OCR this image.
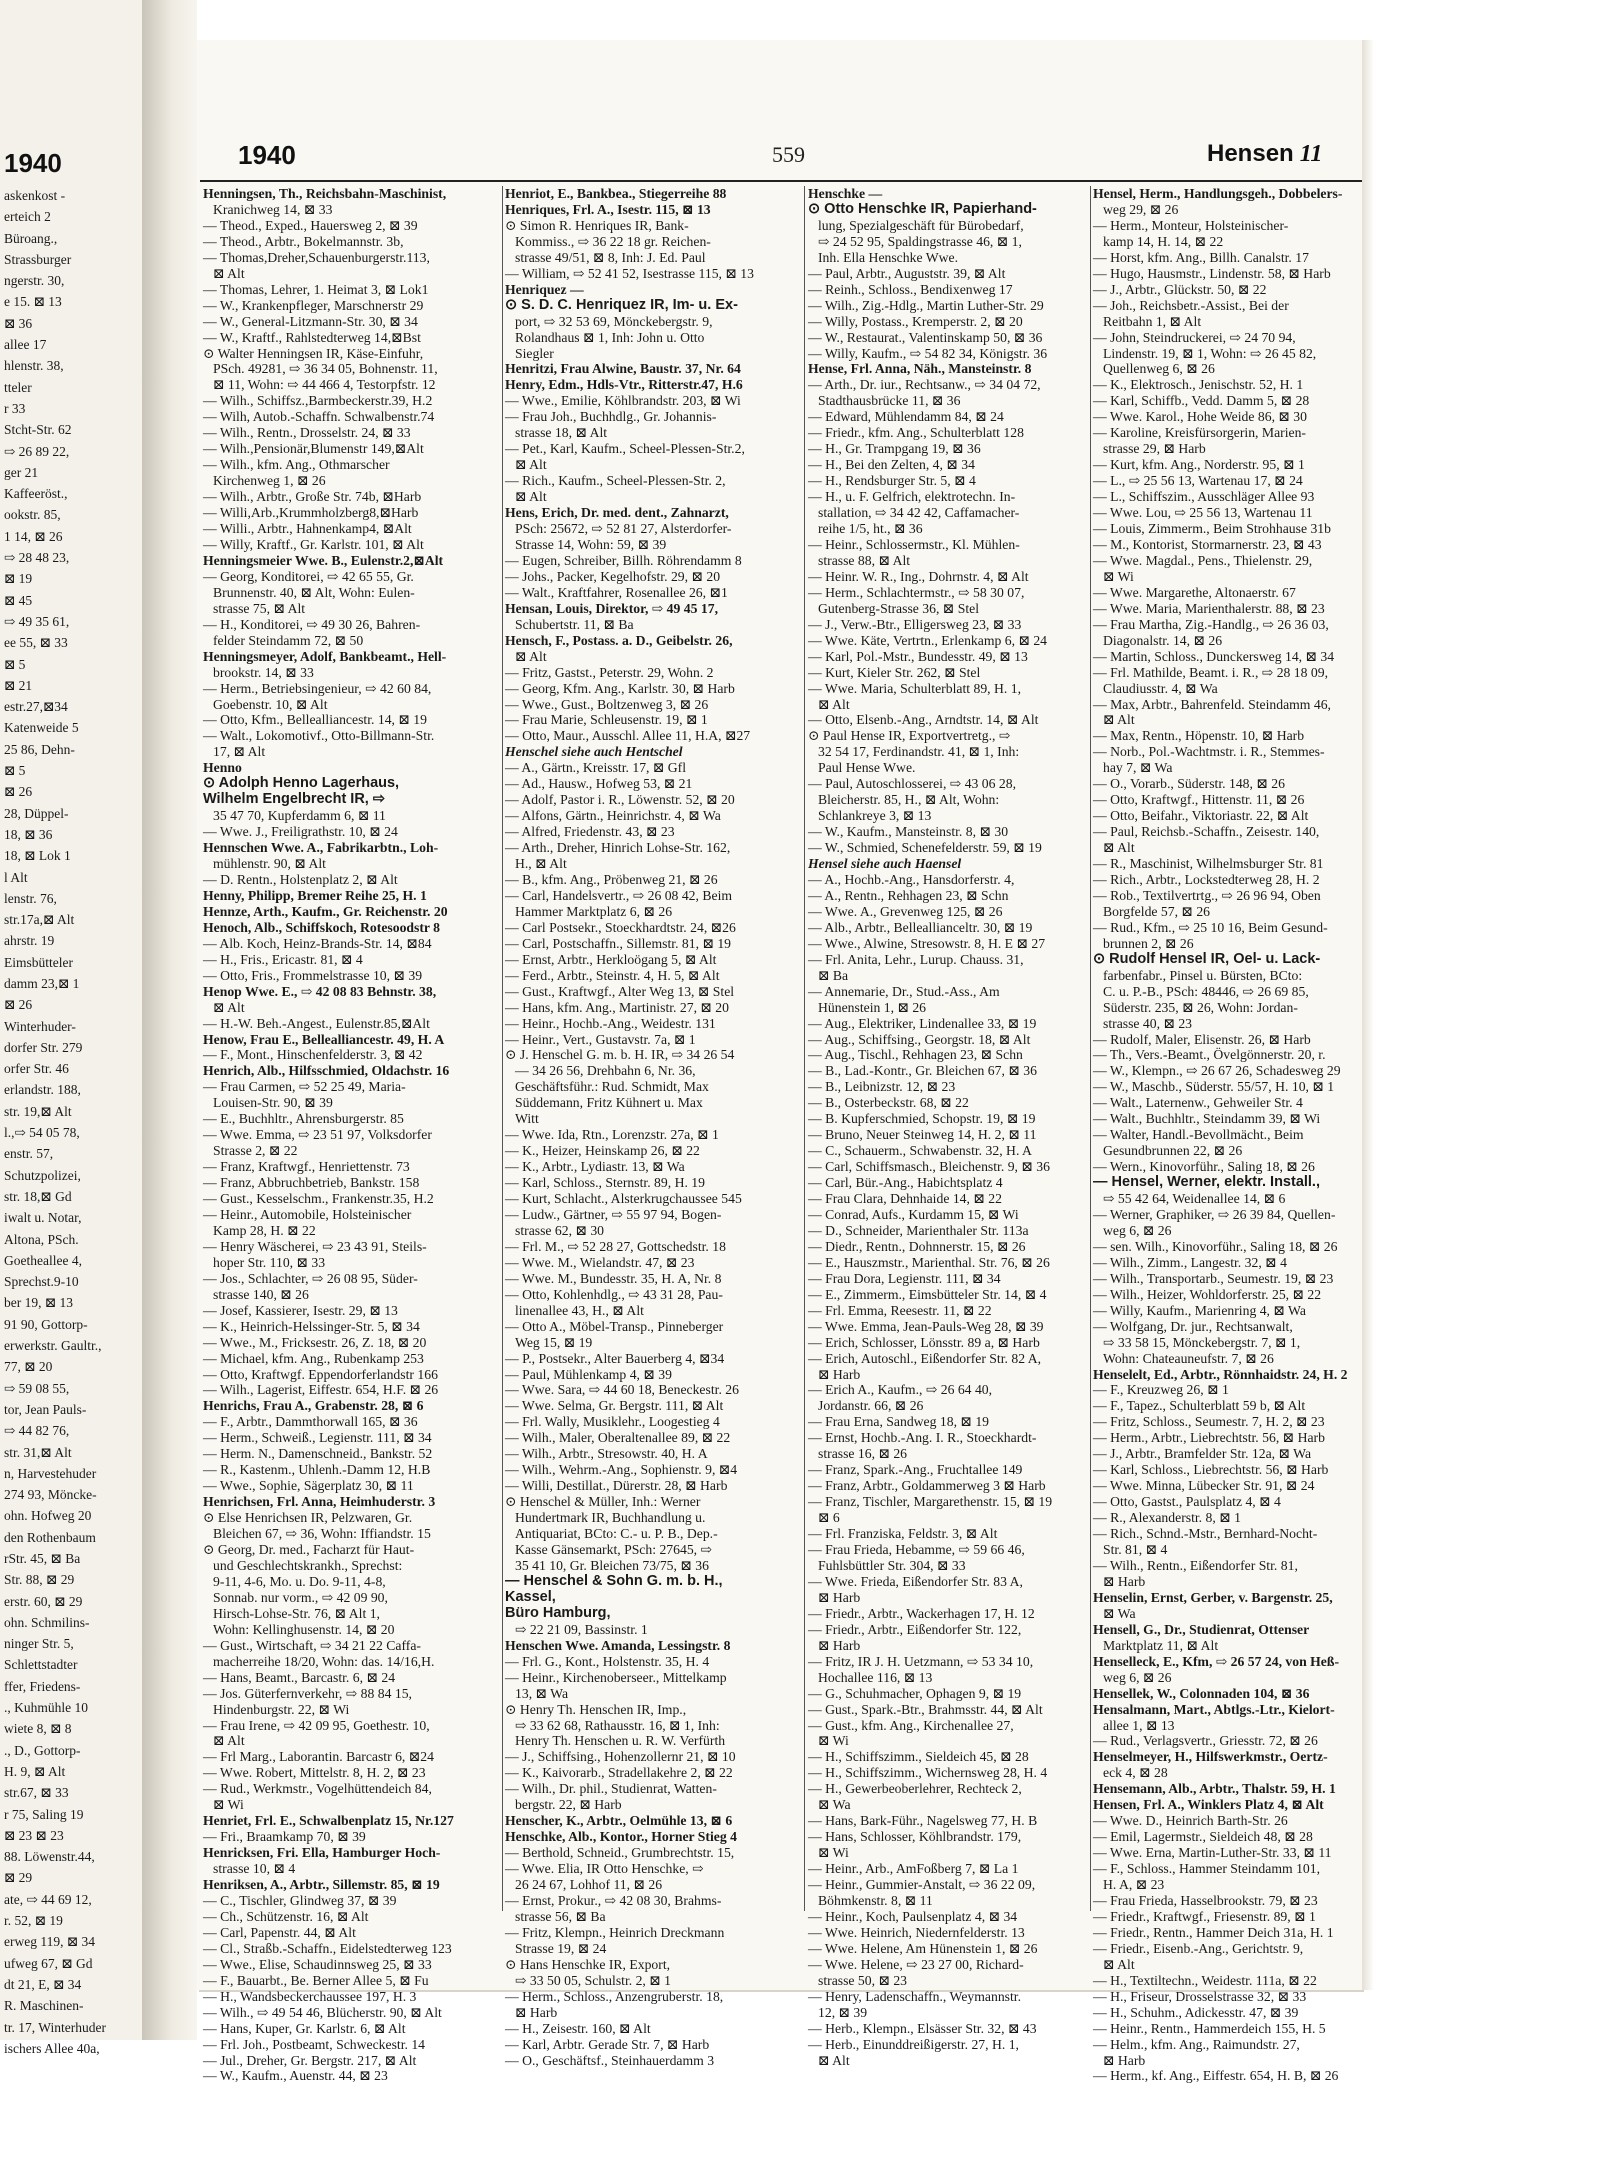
1940
askenkost -
erteich 2
Büroang.,
Strassburger
ngerstr. 30,
e 15. ⊠ 13
⊠ 36
allee 17
hlenstr. 38,
tteler
r 33
Stcht-Str. 62
⇨ 26 89 22,
ger 21
Kaffeeröst.,
ookstr. 85,
1 14, ⊠ 26
⇨ 28 48 23,
⊠ 19
⊠ 45
⇨ 49 35 61,
ee 55, ⊠ 33
⊠ 5
⊠ 21
estr.27,⊠34
Katenweide 5
25 86, Dehn-
⊠ 5
⊠ 26
28, Düppel-
18, ⊠ 36
18, ⊠ Lok 1
l Alt
lenstr. 76,
str.17a,⊠ Alt
ahrstr. 19
Eimsbütteler
damm 23,⊠ 1
⊠ 26
Winterhuder-
dorfer Str. 279
orfer Str. 46
erlandstr. 188,
str. 19,⊠ Alt
l.,⇨ 54 05 78,
enstr. 57,
Schutzpolizei,
str. 18,⊠ Gd
iwalt u. Notar,
Altona, PSch.
Goetheallee 4,
Sprechst.9-10
ber 19, ⊠ 13
91 90, Gottorp-
erwerkstr. Gaultr.,
77, ⊠ 20
⇨ 59 08 55,
tor, Jean Pauls-
⇨ 44 82 76,
str. 31,⊠ Alt
n, Harvestehuder
274 93, Möncke-
ohn. Hofweg 20
den Rothenbaum
rStr. 45, ⊠ Ba
Str. 88, ⊠ 29
erstr. 60, ⊠ 29
ohn. Schmilins-
ninger Str. 5,
Schlettstadter
ffer, Friedens-
., Kuhmühle 10
wiete 8, ⊠ 8
., D., Gottorp-
H. 9, ⊠ Alt
str.67, ⊠ 33
r 75, Saling 19
⊠ 23 ⊠ 23
88. Löwenstr.44,
⊠ 29
ate, ⇨ 44 69 12,
r. 52, ⊠ 19
erweg 119, ⊠ 34
ufweg 67, ⊠ Gd
dt 21, E, ⊠ 34
R. Maschinen-
tr. 17, Winterhuder
ischers Allee 40a,
1940	559	Hensen 11
Henningsen, Th., Reichsbahn-Maschinist,
Kranichweg 14, ⊠ 33
— Theod., Exped., Hauersweg 2, ⊠ 39
— Theod., Arbtr., Bokelmannstr. 3b,
— Thomas,Dreher,Schauenburgerstr.113,
⊠ Alt
— Thomas, Lehrer, 1. Heimat 3, ⊠ Lok1
— W., Krankenpfleger, Marschnerstr 29
— W., General-Litzmann-Str. 30, ⊠ 34
— W., Kraftf., Rahlstedterweg 14,⊠Bst
⊙ Walter Henningsen IR, Käse-Einfuhr,
PSch. 49281, ⇨ 36 34 05, Bohnenstr. 11,
⊠ 11, Wohn: ⇨ 44 466 4, Testorpfstr. 12
— Wilh., Schiffsz.,Barmbeckerstr.39, H.2
— Wilh, Autob.-Schaffn. Schwalbenstr.74
— Wilh., Rentn., Drosselstr. 24, ⊠ 33
— Wilh.,Pensionär,Blumenstr 149,⊠Alt
— Wilh., kfm. Ang., Othmarscher
Kirchenweg 1, ⊠ 26
— Wilh., Arbtr., Große Str. 74b, ⊠Harb
— Willi,Arb.,Krummholzberg8,⊠Harb
— Willi., Arbtr., Hahnenkamp4, ⊠Alt
— Willy, Kraftf., Gr. Karlstr. 101, ⊠ Alt
Henningsmeier Wwe. B., Eulenstr.2,⊠Alt
— Georg, Konditorei, ⇨ 42 65 55, Gr.
Brunnenstr. 40, ⊠ Alt, Wohn: Eulen-
strasse 75, ⊠ Alt
— H., Konditorei, ⇨ 49 30 26, Bahren-
felder Steindamm 72, ⊠ 50
Henningsmeyer, Adolf, Bankbeamt., Hell-
brookstr. 14, ⊠ 33
— Herm., Betriebsingenieur, ⇨ 42 60 84,
Goebenstr. 10, ⊠ Alt
— Otto, Kfm., Bellealliancestr. 14, ⊠ 19
— Walt., Lokomotivf., Otto-Billmann-Str.
17, ⊠ Alt
Henno
⊙ Adolph Henno Lagerhaus,
Wilhelm Engelbrecht IR, ⇨
35 47 70, Kupferdamm 6, ⊠ 11
— Wwe. J., Freiligrathstr. 10, ⊠ 24
Hennschen Wwe. A., Fabrikarbtn., Loh-
mühlenstr. 90, ⊠ Alt
— D. Rentn., Holstenplatz 2, ⊠ Alt
Henny, Philipp, Bremer Reihe 25, H. 1
Hennze, Arth., Kaufm., Gr. Reichenstr. 20
Henoch, Alb., Schiffskoch, Rotesoodstr 8
— Alb. Koch, Heinz-Brands-Str. 14, ⊠84
— H., Fris., Ericastr. 81, ⊠ 4
— Otto, Fris., Frommelstrasse 10, ⊠ 39
Henop Wwe. E., ⇨ 42 08 83 Behnstr. 38,
⊠ Alt
— H.-W. Beh.-Angest., Eulenstr.85,⊠Alt
Henow, Frau E., Bellealliancestr. 49, H. A
— F., Mont., Hinschenfelderstr. 3, ⊠ 42
Henrich, Alb., Hilfsschmied, Oldachstr. 16
— Frau Carmen, ⇨ 52 25 49, Maria-
Louisen-Str. 90, ⊠ 39
— E., Buchhltr., Ahrensburgerstr. 85
— Wwe. Emma, ⇨ 23 51 97, Volksdorfer
Strasse 2, ⊠ 22
— Franz, Kraftwgf., Henriettenstr. 73
— Franz, Abbruchbetrieb, Bankstr. 158
— Gust., Kesselschm., Frankenstr.35, H.2
— Heinr., Automobile, Holsteinischer
Kamp 28, H. ⊠ 22
— Henry Wäscherei, ⇨ 23 43 91, Steils-
hoper Str. 110, ⊠ 33
— Jos., Schlachter, ⇨ 26 08 95, Süder-
strasse 140, ⊠ 26
— Josef, Kassierer, Isestr. 29, ⊠ 13
— K., Heinrich-Helssinger-Str. 5, ⊠ 34
— Wwe., M., Fricksestr. 26, Z. 18, ⊠ 20
— Michael, kfm. Ang., Rubenkamp 253
— Otto, Kraftwgf. Eppendorferlandstr 166
— Wilh., Lagerist, Eiffestr. 654, H.F. ⊠ 26
Henrichs, Frau A., Grabenstr. 28, ⊠ 6
— F., Arbtr., Dammthorwall 165, ⊠ 36
— Herm., Schweiß., Legienstr. 111, ⊠ 34
— Herm. N., Damenschneid., Bankstr. 52
— R., Kastenm., Uhlenh.-Damm 12, H.B
— Wwe., Sophie, Sägerplatz 30, ⊠ 11
Henrichsen, Frl. Anna, Heimhuderstr. 3
⊙ Else Henrichsen IR, Pelzwaren, Gr.
Bleichen 67, ⇨ 36, Wohn: Iffiandstr. 15
⊙ Georg, Dr. med., Facharzt für Haut-
und Geschlechtskrankh., Sprechst:
9-11, 4-6, Mo. u. Do. 9-11, 4-8,
Sonnab. nur vorm., ⇨ 42 09 90,
Hirsch-Lohse-Str. 76, ⊠ Alt 1,
Wohn: Kellinghusenstr. 14, ⊠ 20
— Gust., Wirtschaft, ⇨ 34 21 22 Caffa-
macherreihe 18/20, Wohn: das. 14/16,H.
— Hans, Beamt., Barcastr. 6, ⊠ 24
— Jos. Güterfernverkehr, ⇨ 88 84 15,
Hindenburgstr. 22, ⊠ Wi
— Frau Irene, ⇨ 42 09 95, Goethestr. 10,
⊠ Alt
— Frl Marg., Laborantin. Barcastr 6, ⊠24
— Wwe. Robert, Mittelstr. 8, H. 2, ⊠ 23
— Rud., Werkmstr., Vogelhüttendeich 84,
⊠ Wi
Henriet, Frl. E., Schwalbenplatz 15, Nr.127
— Fri., Braamkamp 70, ⊠ 39
Henricksen, Fri. Ella, Hamburger Hoch-
strasse 10, ⊠ 4
Henriksen, A., Arbtr., Sillemstr. 85, ⊠ 19
— C., Tischler, Glindweg 37, ⊠ 39
— Ch., Schützenstr. 16, ⊠ Alt
— Carl, Papenstr. 44, ⊠ Alt
— Cl., Straßb.-Schaffn., Eidelstedterweg 123
— Wwe., Elise, Schaudinnsweg 25, ⊠ 33
— F., Bauarbt., Be. Berner Allee 5, ⊠ Fu
— H., Wandsbeckerchaussee 197, H. 3
— Wilh., ⇨ 49 54 46, Blücherstr. 90, ⊠ Alt
— Hans, Kuper, Gr. Karlstr. 6, ⊠ Alt
— Frl. Joh., Postbeamt, Schweckestr. 14
— Jul., Dreher, Gr. Bergstr. 217, ⊠ Alt
— W., Kaufm., Auenstr. 44, ⊠ 23
Henriot, E., Bankbea., Stiegerreihe 88
Henriques, Frl. A., Isestr. 115, ⊠ 13
⊙ Simon R. Henriques IR, Bank-
Kommiss., ⇨ 36 22 18 gr. Reichen-
strasse 49/51, ⊠ 8, Inh: J. Ed. Paul
— William, ⇨ 52 41 52, Isestrasse 115, ⊠ 13
Henriquez —
⊙ S. D. C. Henriquez IR, Im- u. Ex-
port, ⇨ 32 53 69, Mönckebergstr. 9,
Rolandhaus ⊠ 1, Inh: John u. Otto
Siegler
Henritzi, Frau Alwine, Baustr. 37, Nr. 64
Henry, Edm., Hdls-Vtr., Ritterstr.47, H.6
— Wwe., Emilie, Köhlbrandstr. 203, ⊠ Wi
— Frau Joh., Buchhdlg., Gr. Johannis-
strasse 18, ⊠ Alt
— Pet., Karl, Kaufm., Scheel-Plessen-Str.2,
⊠ Alt
— Rich., Kaufm., Scheel-Plessen-Str. 2,
⊠ Alt
Hens, Erich, Dr. med. dent., Zahnarzt,
PSch: 25672, ⇨ 52 81 27, Alsterdorfer-
Strasse 14, Wohn: 59, ⊠ 39
— Eugen, Schreiber, Billh. Röhrendamm 8
— Johs., Packer, Kegelhofstr. 29, ⊠ 20
— Walt., Kraftfahrer, Rosenallee 26, ⊠1
Hensan, Louis, Direktor, ⇨ 49 45 17,
Schubertstr. 11, ⊠ Ba
Hensch, F., Postass. a. D., Geibelstr. 26,
⊠ Alt
— Fritz, Gastst., Peterstr. 29, Wohn. 2
— Georg, Kfm. Ang., Karlstr. 30, ⊠ Harb
— Wwe., Gust., Boltzenweg 3, ⊠ 26
— Frau Marie, Schleusenstr. 19, ⊠ 1
— Otto, Maur., Ausschl. Allee 11, H.A, ⊠27
Henschel siehe auch Hentschel
— A., Gärtn., Kreisstr. 17, ⊠ Gfl
— Ad., Hausw., Hofweg 53, ⊠ 21
— Adolf, Pastor i. R., Löwenstr. 52, ⊠ 20
— Alfons, Gärtn., Heinrichstr. 4, ⊠ Wa
— Alfred, Friedenstr. 43, ⊠ 23
— Arth., Dreher, Hinrich Lohse-Str. 162,
H., ⊠ Alt
— B., kfm. Ang., Pröbenweg 21, ⊠ 26
— Carl, Handelsvertr., ⇨ 26 08 42, Beim
Hammer Marktplatz 6, ⊠ 26
— Carl Postsekr., Stoeckhardtstr. 24, ⊠26
— Carl, Postschaffn., Sillemstr. 81, ⊠ 19
— Ernst, Arbtr., Herkloögang 5, ⊠ Alt
— Ferd., Arbtr., Steinstr. 4, H. 5, ⊠ Alt
— Gust., Kraftwgf., Alter Weg 13, ⊠ Stel
— Hans, kfm. Ang., Martinistr. 27, ⊠ 20
— Heinr., Hochb.-Ang., Weidestr. 131
— Heinr., Vert., Gustavstr. 7a, ⊠ 1
⊙ J. Henschel G. m. b. H. IR, ⇨ 34 26 54
— 34 26 56, Drehbahn 6, Nr. 36,
Geschäftsführ.: Rud. Schmidt, Max
Süddemann, Fritz Kühnert u. Max
Witt
— Wwe. Ida, Rtn., Lorenzstr. 27a, ⊠ 1
— K., Heizer, Heinskamp 26, ⊠ 22
— K., Arbtr., Lydiastr. 13, ⊠ Wa
— Karl, Schloss., Sternstr. 89, H. 19
— Kurt, Schlacht., Alsterkrugchaussee 545
— Ludw., Gärtner, ⇨ 55 97 94, Bogen-
strasse 62, ⊠ 30
— Frl. M., ⇨ 52 28 27, Gottschedstr. 18
— Wwe. M., Wielandstr. 47, ⊠ 23
— Wwe. M., Bundesstr. 35, H. A, Nr. 8
— Otto, Kohlenhdlg., ⇨ 43 31 28, Pau-
linenallee 43, H., ⊠ Alt
— Otto A., Möbel-Transp., Pinneberger
Weg 15, ⊠ 19
— P., Postsekr., Alter Bauerberg 4, ⊠34
— Paul, Mühlenkamp 4, ⊠ 39
— Wwe. Sara, ⇨ 44 60 18, Beneckestr. 26
— Wwe. Selma, Gr. Bergstr. 111, ⊠ Alt
— Frl. Wally, Musiklehr., Loogestieg 4
— Wilh., Maler, Oberaltenallee 89, ⊠ 22
— Wilh., Arbtr., Stresowstr. 40, H. A
— Wilh., Wehrm.-Ang., Sophienstr. 9, ⊠4
— Willi, Destillat., Dürerstr. 28, ⊠ Harb
⊙ Henschel & Müller, Inh.: Werner
Hundertmark IR, Buchhandlung u.
Antiquariat, BCto: C.- u. P. B., Dep.-
Kasse Gänsemarkt, PSch: 27645, ⇨
35 41 10, Gr. Bleichen 73/75, ⊠ 36
— Henschel & Sohn G. m. b. H.,
Kassel,
Büro Hamburg,
⇨ 22 21 09, Bassinstr. 1
Henschen Wwe. Amanda, Lessingstr. 8
— Frl. G., Kont., Holstenstr. 35, H. 4
— Heinr., Kirchenoberseer., Mittelkamp
13, ⊠ Wa
⊙ Henry Th. Henschen IR, Imp.,
⇨ 33 62 68, Rathausstr. 16, ⊠ 1, Inh:
Henry Th. Henschen u. R. W. Verfürth
— J., Schiffsing., Hohenzollernr 21, ⊠ 10
— K., Kaivorarb., Stradellakehre 2, ⊠ 22
— Wilh., Dr. phil., Studienrat, Watten-
bergstr. 22, ⊠ Harb
Henscher, K., Arbtr., Oelmühle 13, ⊠ 6
Henschke, Alb., Kontor., Horner Stieg 4
— Berthold, Schneid., Grumbrechtstr. 15,
— Wwe. Elia, IR Otto Henschke, ⇨
26 24 67, Lohhof 11, ⊠ 26
— Ernst, Prokur., ⇨ 42 08 30, Brahms-
strasse 56, ⊠ Ba
— Fritz, Klempn., Heinrich Dreckmann
Strasse 19, ⊠ 24
⊙ Hans Henschke IR, Export,
⇨ 33 50 05, Schulstr. 2, ⊠ 1
— Herm., Schloss., Anzengruberstr. 18,
⊠ Harb
— H., Zeisestr. 160, ⊠ Alt
— Karl, Arbtr. Gerade Str. 7, ⊠ Harb
— O., Geschäftsf., Steinhauerdamm 3
Henschke —
⊙ Otto Henschke IR, Papierhand-
lung, Spezialgeschäft für Bürobedarf,
⇨ 24 52 95, Spaldingstrasse 46, ⊠ 1,
Inh. Ella Henschke Wwe.
— Paul, Arbtr., Auguststr. 39, ⊠ Alt
— Reinh., Schloss., Bendixenweg 17
— Wilh., Zig.-Hdlg., Martin Luther-Str. 29
— Willy, Postass., Kremperstr. 2, ⊠ 20
— W., Restaurat., Valentinskamp 50, ⊠ 36
— Willy, Kaufm., ⇨ 54 82 34, Königstr. 36
Hense, Frl. Anna, Näh., Mansteinstr. 8
— Arth., Dr. iur., Rechtsanw., ⇨ 34 04 72,
Stadthausbrücke 11, ⊠ 36
— Edward, Mühlendamm 84, ⊠ 24
— Friedr., kfm. Ang., Schulterblatt 128
— H., Gr. Trampgang 19, ⊠ 36
— H., Bei den Zelten, 4, ⊠ 34
— H., Rendsburger Str. 5, ⊠ 4
— H., u. F. Gelfrich, elektrotechn. In-
stallation, ⇨ 34 42 42, Caffamacher-
reihe 1/5, ht., ⊠ 36
— Heinr., Schlossermstr., Kl. Mühlen-
strasse 88, ⊠ Alt
— Heinr. W. R., Ing., Dohrnstr. 4, ⊠ Alt
— Herm., Schlachtermstr., ⇨ 58 30 07,
Gutenberg-Strasse 36, ⊠ Stel
— J., Verw.-Btr., Elligersweg 23, ⊠ 33
— Wwe. Käte, Vertrtn., Erlenkamp 6, ⊠ 24
— Karl, Pol.-Mstr., Bundesstr. 49, ⊠ 13
— Kurt, Kieler Str. 262, ⊠ Stel
— Wwe. Maria, Schulterblatt 89, H. 1,
⊠ Alt
— Otto, Elsenb.-Ang., Arndtstr. 14, ⊠ Alt
⊙ Paul Hense IR, Exportvertretg., ⇨
32 54 17, Ferdinandstr. 41, ⊠ 1, Inh:
Paul Hense Wwe.
— Paul, Autoschlosserei, ⇨ 43 06 28,
Bleicherstr. 85, H., ⊠ Alt, Wohn:
Schlankreye 3, ⊠ 13
— W., Kaufm., Mansteinstr. 8, ⊠ 30
— W., Schmied, Schenefelderstr. 59, ⊠ 19
Hensel siehe auch Haensel
— A., Hochb.-Ang., Hansdorferstr. 4,
— A., Rentn., Rehhagen 23, ⊠ Schn
— Wwe. A., Grevenweg 125, ⊠ 26
— Alb., Arbtr., Belleallianceltr. 30, ⊠ 19
— Wwe., Alwine, Stresowstr. 8, H. E ⊠ 27
— Frl. Anita, Lehr., Lurup. Chauss. 31,
⊠ Ba
— Annemarie, Dr., Stud.-Ass., Am
Hünenstein 1, ⊠ 26
— Aug., Elektriker, Lindenallee 33, ⊠ 19
— Aug., Schiffsing., Georgstr. 18, ⊠ Alt
— Aug., Tischl., Rehhagen 23, ⊠ Schn
— B., Lad.-Kontr., Gr. Bleichen 67, ⊠ 36
— B., Leibnizstr. 12, ⊠ 23
— B., Osterbeckstr. 68, ⊠ 22
— B. Kupferschmied, Schopstr. 19, ⊠ 19
— Bruno, Neuer Steinweg 14, H. 2, ⊠ 11
— C., Schauerm., Schwabenstr. 32, H. A
— Carl, Schiffsmasch., Bleichenstr. 9, ⊠ 36
— Carl, Bür.-Ang., Habichtsplatz 4
— Frau Clara, Dehnhaide 14, ⊠ 22
— Conrad, Aufs., Kurdamm 15, ⊠ Wi
— D., Schneider, Marienthaler Str. 113a
— Diedr., Rentn., Dohnnerstr. 15, ⊠ 26
— E., Hauszmstr., Marienthal. Str. 76, ⊠ 26
— Frau Dora, Legienstr. 111, ⊠ 34
— E., Zimmerm., Eimsbütteler Str. 14, ⊠ 4
— Frl. Emma, Reesestr. 11, ⊠ 22
— Wwe. Emma, Jean-Pauls-Weg 28, ⊠ 39
— Erich, Schlosser, Lönsstr. 89 a, ⊠ Harb
— Erich, Autoschl., Eißendorfer Str. 82 A,
⊠ Harb
— Erich A., Kaufm., ⇨ 26 64 40,
Jordanstr. 66, ⊠ 26
— Frau Erna, Sandweg 18, ⊠ 19
— Ernst, Hochb.-Ang. I. R., Stoeckhardt-
strasse 16, ⊠ 26
— Franz, Spark.-Ang., Fruchtallee 149
— Franz, Arbtr., Goldammerweg 3 ⊠ Harb
— Franz, Tischler, Margarethenstr. 15, ⊠ 19
⊠ 6
— Frl. Franziska, Feldstr. 3, ⊠ Alt
— Frau Frieda, Hebamme, ⇨ 59 66 46,
Fuhlsbüttler Str. 304, ⊠ 33
— Wwe. Frieda, Eißendorfer Str. 83 A,
⊠ Harb
— Friedr., Arbtr., Wackerhagen 17, H. 12
— Friedr., Arbtr., Eißendorfer Str. 122,
⊠ Harb
— Fritz, IR J. H. Uetzmann, ⇨ 53 34 10,
Hochallee 116, ⊠ 13
— G., Schuhmacher, Ophagen 9, ⊠ 19
— Gust., Spark.-Btr., Brahmsstr. 44, ⊠ Alt
— Gust., kfm. Ang., Kirchenallee 27,
⊠ Wi
— H., Schiffszimm., Sieldeich 45, ⊠ 28
— H., Schiffszimm., Wichernsweg 28, H. 4
— H., Gewerbeoberlehrer, Rechteck 2,
⊠ Wa
— Hans, Bark-Führ., Nagelsweg 77, H. B
— Hans, Schlosser, Köhlbrandstr. 179,
⊠ Wi
— Heinr., Arb., AmFoßberg 7, ⊠ La 1
— Heinr., Gummier-Anstalt, ⇨ 36 22 09,
Böhmkenstr. 8, ⊠ 11
— Heinr., Koch, Paulsenplatz 4, ⊠ 34
— Wwe. Heinrich, Niedernfelderstr. 13
— Wwe. Helene, Am Hünenstein 1, ⊠ 26
— Wwe. Helene, ⇨ 23 27 00, Richard-
strasse 50, ⊠ 23
— Henry, Ladenschaffn., Weymannstr.
12, ⊠ 39
— Herb., Klempn., Elsässer Str. 32, ⊠ 43
— Herb., Einunddreißigerstr. 27, H. 1,
⊠ Alt
Hensel, Herm., Handlungsgeh., Dobbelers-
weg 29, ⊠ 26
— Herm., Monteur, Holsteinischer-
kamp 14, H. 14, ⊠ 22
— Horst, kfm. Ang., Billh. Canalstr. 17
— Hugo, Hausmstr., Lindenstr. 58, ⊠ Harb
— J., Arbtr., Glückstr. 50, ⊠ 22
— Joh., Reichsbetr.-Assist., Bei der
Reitbahn 1, ⊠ Alt
— John, Steindruckerei, ⇨ 24 70 94,
Lindenstr. 19, ⊠ 1, Wohn: ⇨ 26 45 82,
Quellenweg 6, ⊠ 26
— K., Elektrosch., Jenischstr. 52, H. 1
— Karl, Schiffb., Vedd. Damm 5, ⊠ 28
— Wwe. Karol., Hohe Weide 86, ⊠ 30
— Karoline, Kreisfürsorgerin, Marien-
strasse 29, ⊠ Harb
— Kurt, kfm. Ang., Norderstr. 95, ⊠ 1
— L., ⇨ 25 56 13, Wartenau 17, ⊠ 24
— L., Schiffszim., Ausschläger Allee 93
— Wwe. Lou, ⇨ 25 56 13, Wartenau 11
— Louis, Zimmerm., Beim Strohhause 31b
— M., Kontorist, Stormarnerstr. 23, ⊠ 43
— Wwe. Magdal., Pens., Thielenstr. 29,
⊠ Wi
— Wwe. Margarethe, Altonaerstr. 67
— Wwe. Maria, Marienthalerstr. 88, ⊠ 23
— Frau Martha, Zig.-Handlg., ⇨ 26 36 03,
Diagonalstr. 14, ⊠ 26
— Martin, Schloss., Dunckersweg 14, ⊠ 34
— Frl. Mathilde, Beamt. i. R., ⇨ 28 18 09,
Claudiusstr. 4, ⊠ Wa
— Max, Arbtr., Bahrenfeld. Steindamm 46,
⊠ Alt
— Max, Rentn., Höpenstr. 10, ⊠ Harb
— Norb., Pol.-Wachtmstr. i. R., Stemmes-
hay 7, ⊠ Wa
— O., Vorarb., Süderstr. 148, ⊠ 26
— Otto, Kraftwgf., Hittenstr. 11, ⊠ 26
— Otto, Beifahr., Viktoriastr. 22, ⊠ Alt
— Paul, Reichsb.-Schaffn., Zeisestr. 140,
⊠ Alt
— R., Maschinist, Wilhelmsburger Str. 81
— Rich., Arbtr., Lockstedterweg 28, H. 2
— Rob., Textilvertrtg., ⇨ 26 96 94, Oben
Borgfelde 57, ⊠ 26
— Rud., Kfm., ⇨ 25 10 16, Beim Gesund-
brunnen 2, ⊠ 26
⊙ Rudolf Hensel IR, Oel- u. Lack-
farbenfabr., Pinsel u. Bürsten, BCto:
C. u. P.-B., PSch: 48446, ⇨ 26 69 85,
Süderstr. 235, ⊠ 26, Wohn: Jordan-
strasse 40, ⊠ 23
— Rudolf, Maler, Elisenstr. 26, ⊠ Harb
— Th., Vers.-Beamt., Övelgönnerstr. 20, r.
— W., Klempn., ⇨ 26 67 26, Schadesweg 29
— W., Maschb., Süderstr. 55/57, H. 10, ⊠ 1
— Walt., Laternenw., Gehweiler Str. 4
— Walt., Buchhltr., Steindamm 39, ⊠ Wi
— Walter, Handl.-Bevollmächt., Beim
Gesundbrunnen 22, ⊠ 26
— Wern., Kinovorführ., Saling 18, ⊠ 26
— Hensel, Werner, elektr. Install.,
⇨ 55 42 64, Weidenallee 14, ⊠ 6
— Werner, Graphiker, ⇨ 26 39 84, Quellen-
weg 6, ⊠ 26
— sen. Wilh., Kinovorführ., Saling 18, ⊠ 26
— Wilh., Zimm., Langestr. 32, ⊠ 4
— Wilh., Transportarb., Seumestr. 19, ⊠ 23
— Wilh., Heizer, Wohldorferstr. 25, ⊠ 22
— Willy, Kaufm., Marienring 4, ⊠ Wa
— Wolfgang, Dr. jur., Rechtsanwalt,
⇨ 33 58 15, Mönckebergstr. 7, ⊠ 1,
Wohn: Chateauneufstr. 7, ⊠ 26
Henselelt, Ed., Arbtr., Rönnhaidstr. 24, H. 2
— F., Kreuzweg 26, ⊠ 1
— F., Tapez., Schulterblatt 59 b, ⊠ Alt
— Fritz, Schloss., Seumestr. 7, H. 2, ⊠ 23
— Herm., Arbtr., Liebrechtstr. 56, ⊠ Harb
— J., Arbtr., Bramfelder Str. 12a, ⊠ Wa
— Karl, Schloss., Liebrechtstr. 56, ⊠ Harb
— Wwe. Minna, Lübecker Str. 91, ⊠ 24
— Otto, Gastst., Paulsplatz 4, ⊠ 4
— R., Alexanderstr. 8, ⊠ 1
— Rich., Schnd.-Mstr., Bernhard-Nocht-
Str. 81, ⊠ 4
— Wilh., Rentn., Eißendorfer Str. 81,
⊠ Harb
Henselin, Ernst, Gerber, v. Bargenstr. 25,
⊠ Wa
Hensell, G., Dr., Studienrat, Ottenser
Marktplatz 11, ⊠ Alt
Henselleck, E., Kfm, ⇨ 26 57 24, von Heß-
weg 6, ⊠ 26
Hensellek, W., Colonnaden 104, ⊠ 36
Hensalmann, Mart., Abtlgs.-Ltr., Kielort-
allee 1, ⊠ 13
— Rud., Verlagsvertr., Griesstr. 72, ⊠ 26
Henselmeyer, H., Hilfswerkmstr., Oertz-
eck 4, ⊠ 28
Hensemann, Alb., Arbtr., Thalstr. 59, H. 1
Hensen, Frl. A., Winklers Platz 4, ⊠ Alt
— Wwe. D., Heinrich Barth-Str. 26
— Emil, Lagermstr., Sieldeich 48, ⊠ 28
— Wwe. Erna, Martin-Luther-Str. 33, ⊠ 11
— F., Schloss., Hammer Steindamm 101,
H. A, ⊠ 23
— Frau Frieda, Hasselbrookstr. 79, ⊠ 23
— Friedr., Kraftwgf., Friesenstr. 89, ⊠ 1
— Friedr., Rentn., Hammer Deich 31a, H. 1
— Friedr., Eisenb.-Ang., Gerichtstr. 9,
⊠ Alt
— H., Textiltechn., Weidestr. 111a, ⊠ 22
— H., Friseur, Drosselstrasse 32, ⊠ 33
— H., Schuhm., Adickesstr. 47, ⊠ 39
— Heinr., Rentn., Hammerdeich 155, H. 5
— Helm., kfm. Ang., Raimundstr. 27,
⊠ Harb
— Herm., kf. Ang., Eiffestr. 654, H. B, ⊠ 26
